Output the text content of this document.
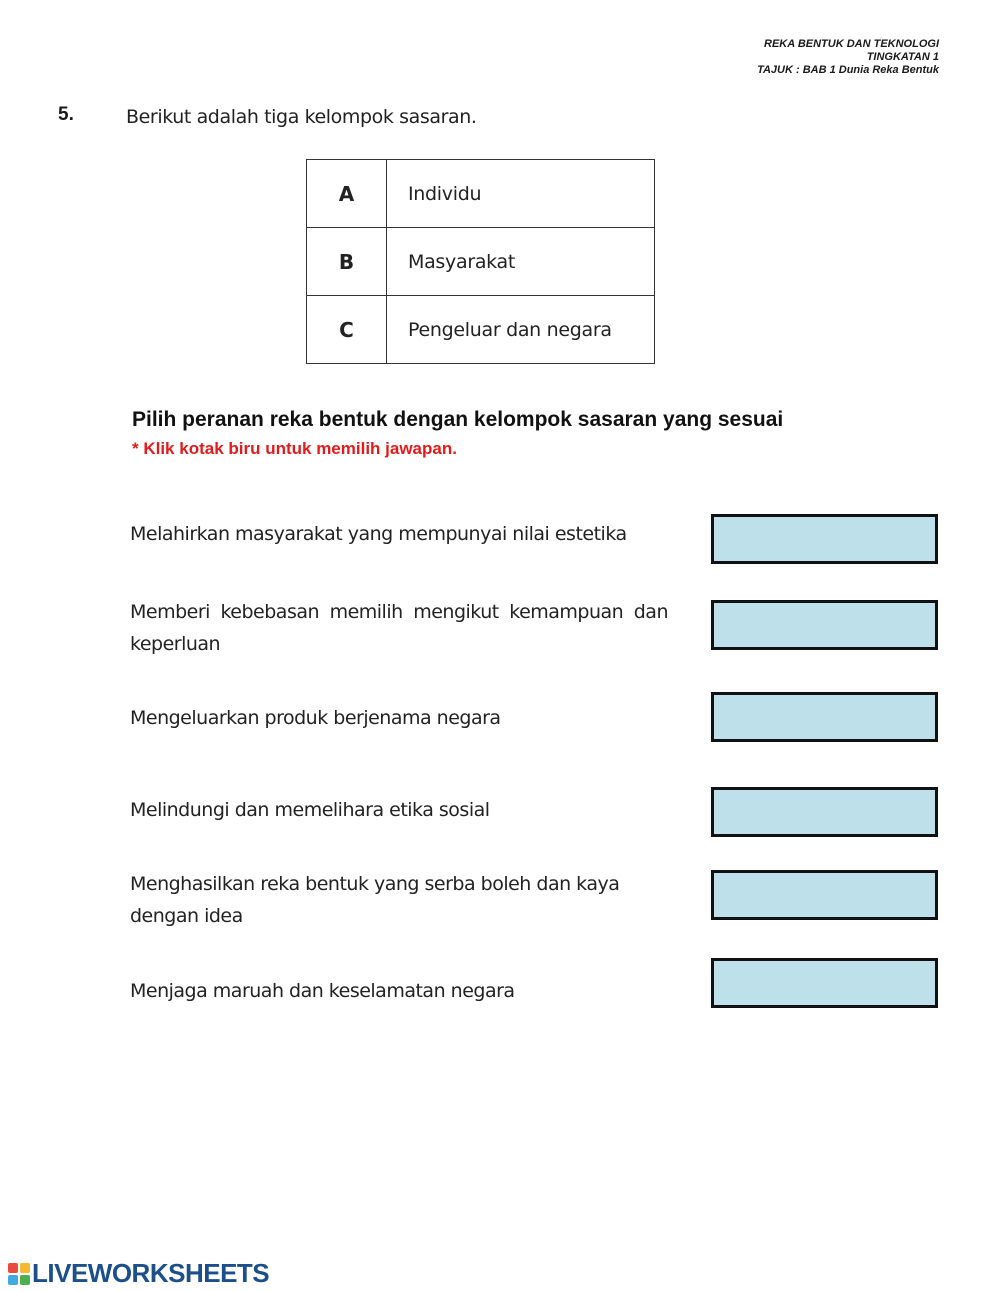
REKA BENTUK DAN TEKNOLOGI
TINGKATAN 1
TAJUK : BAB 1 Dunia Reka Bentuk
5.	Berikut adalah tiga kelompok sasaran.
A	Individu
B	Masyarakat
C	Pengeluar dan negara
Pilih peranan reka bentuk dengan kelompok sasaran yang sesuai
* Klik kotak biru untuk memilih jawapan.
Melahirkan masyarakat yang mempunyai nilai estetika
Memberi kebebasan memilih mengikut kemampuan dan keperluan
Mengeluarkan produk berjenama negara
Melindungi dan memelihara etika sosial
Menghasilkan reka bentuk yang serba boleh dan kaya dengan idea
Menjaga maruah dan keselamatan negara
LIVEWORKSHEETS
